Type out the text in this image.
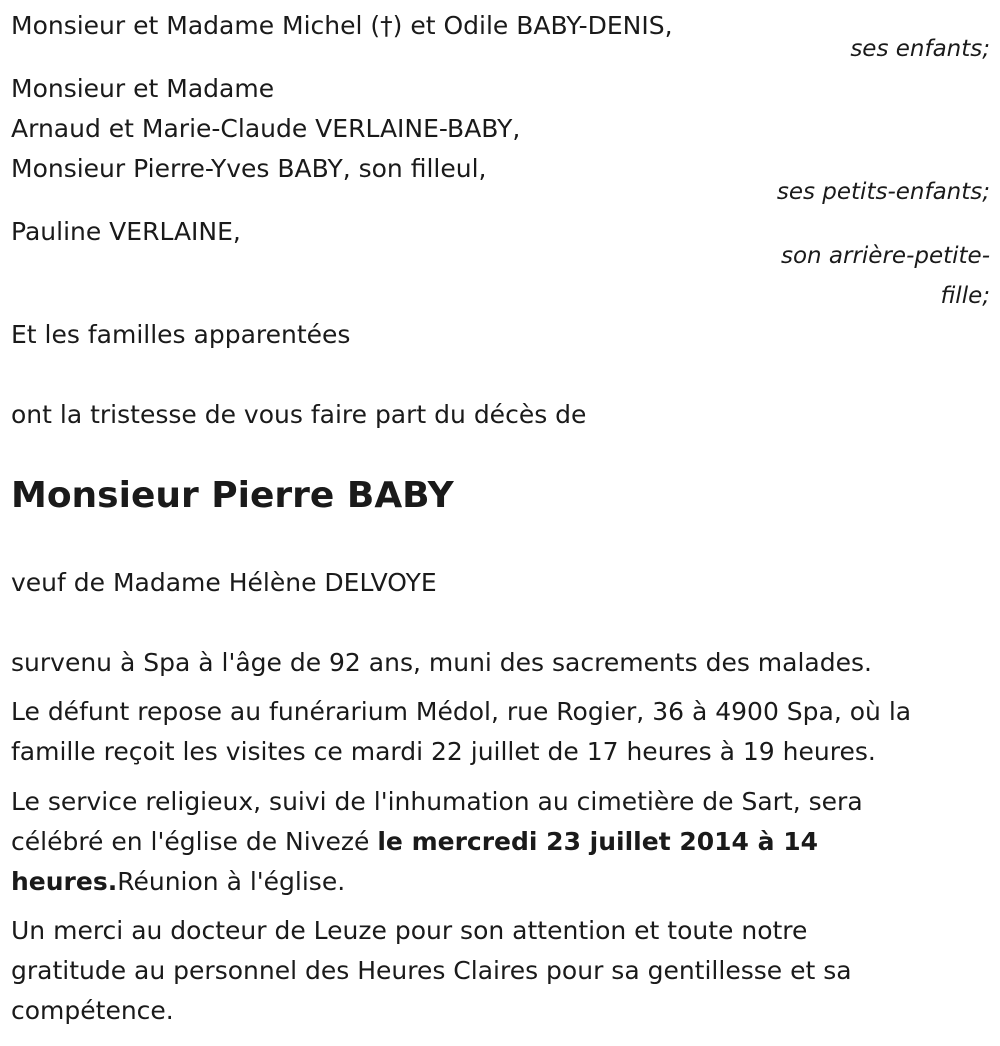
Monsieur et Madame Michel (†) et Odile BABY-DENIS,
ses enfants;
Monsieur et Madame
Arnaud et Marie-Claude VERLAINE-BABY,
Monsieur Pierre-Yves BABY, son filleul,
ses petits-enfants;
Pauline VERLAINE,
son arrière-petite-
fille;
Et les familles apparentées
ont la tristesse de vous faire part du décès de
Monsieur Pierre BABY
veuf de Madame Hélène DELVOYE
survenu à Spa à l'âge de 92 ans, muni des sacrements des malades.
Le défunt repose au funérarium Médol, rue Rogier, 36 à 4900 Spa, où la
famille reçoit les visites ce mardi 22 juillet de 17 heures à 19 heures.
Le service religieux, suivi de l'inhumation au cimetière de Sart, sera
célébré en l'église de Nivezé le mercredi 23 juillet 2014 à 14
heures.Réunion à l'église.
Un merci au docteur de Leuze pour son attention et toute notre
gratitude au personnel des Heures Claires pour sa gentillesse et sa
compétence.
